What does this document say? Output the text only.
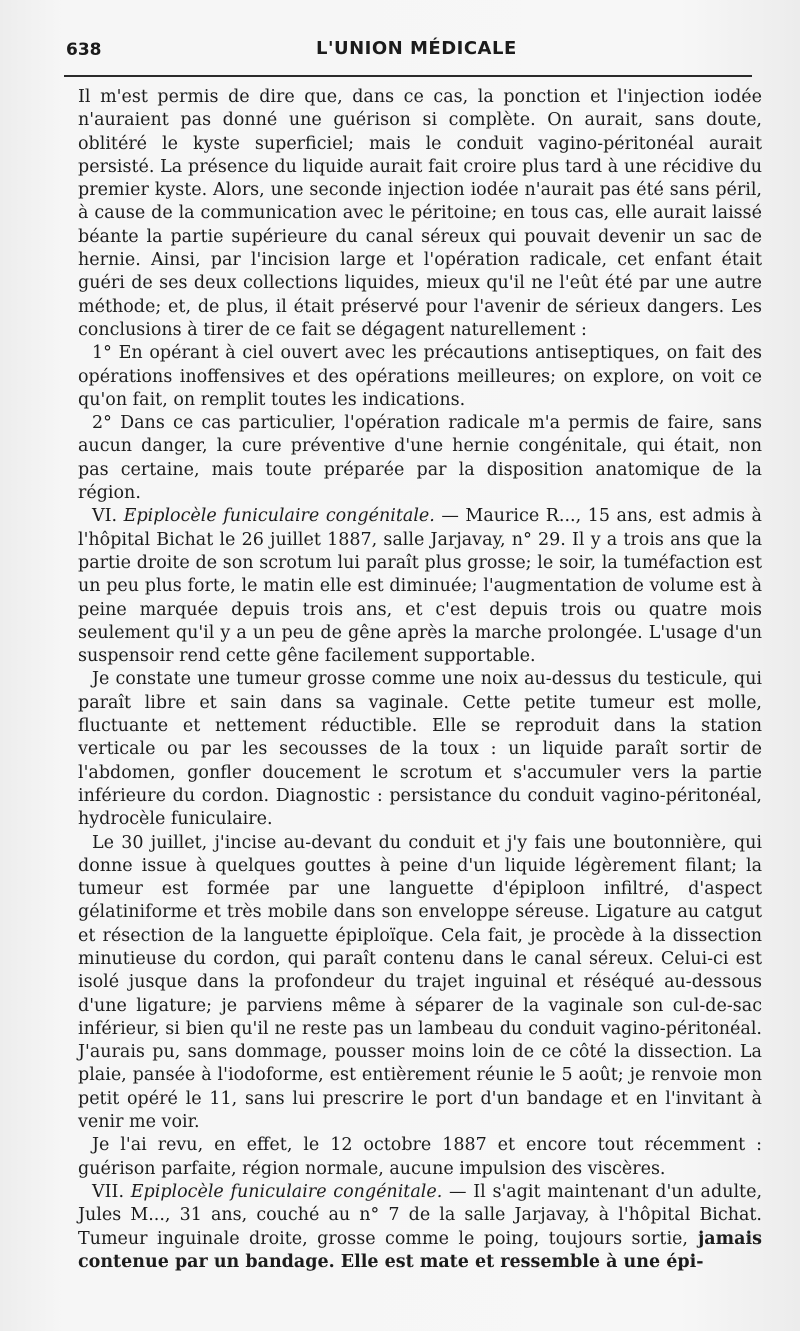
638	L'UNION MÉDICALE

Il m'est permis de dire que, dans ce cas, la ponction et l'injection iodée n'auraient pas donné une guérison si complète. On aurait, sans doute, oblitéré le kyste superficiel; mais le conduit vagino-péritonéal aurait persisté. La présence du liquide aurait fait croire plus tard à une récidive du premier kyste. Alors, une seconde injection iodée n'aurait pas été sans péril, à cause de la communication avec le péritoine; en tous cas, elle aurait laissé béante la partie supérieure du canal séreux qui pouvait devenir un sac de hernie. Ainsi, par l'incision large et l'opération radicale, cet enfant était guéri de ses deux collections liquides, mieux qu'il ne l'eût été par une autre méthode; et, de plus, il était préservé pour l'avenir de sérieux dangers. Les conclusions à tirer de ce fait se dégagent naturellement :

1° En opérant à ciel ouvert avec les précautions antiseptiques, on fait des opérations inoffensives et des opérations meilleures; on explore, on voit ce qu'on fait, on remplit toutes les indications.

2° Dans ce cas particulier, l'opération radicale m'a permis de faire, sans aucun danger, la cure préventive d'une hernie congénitale, qui était, non pas certaine, mais toute préparée par la disposition anatomique de la région.

VI. Epiplocèle funiculaire congénitale. — Maurice R..., 15 ans, est admis à l'hôpital Bichat le 26 juillet 1887, salle Jarjavay, n° 29. Il y a trois ans que la partie droite de son scrotum lui paraît plus grosse; le soir, la tuméfaction est un peu plus forte, le matin elle est diminuée; l'augmentation de volume est à peine marquée depuis trois ans, et c'est depuis trois ou quatre mois seulement qu'il y a un peu de gêne après la marche prolongée. L'usage d'un suspensoir rend cette gêne facilement supportable.

Je constate une tumeur grosse comme une noix au-dessus du testicule, qui paraît libre et sain dans sa vaginale. Cette petite tumeur est molle, fluctuante et nettement réductible. Elle se reproduit dans la station verticale ou par les secousses de la toux : un liquide paraît sortir de l'abdomen, gonfler doucement le scrotum et s'accumuler vers la partie inférieure du cordon. Diagnostic : persistance du conduit vagino-péritonéal, hydrocèle funiculaire.

Le 30 juillet, j'incise au-devant du conduit et j'y fais une boutonnière, qui donne issue à quelques gouttes à peine d'un liquide légèrement filant; la tumeur est formée par une languette d'épiploon infiltré, d'aspect gélatiniforme et très mobile dans son enveloppe séreuse. Ligature au catgut et résection de la languette épiploïque. Cela fait, je procède à la dissection minutieuse du cordon, qui paraît contenu dans le canal séreux. Celui-ci est isolé jusque dans la profondeur du trajet inguinal et réséqué au-dessous d'une ligature; je parviens même à séparer de la vaginale son cul-de-sac inférieur, si bien qu'il ne reste pas un lambeau du conduit vagino-péritonéal. J'aurais pu, sans dommage, pousser moins loin de ce côté la dissection. La plaie, pansée à l'iodoforme, est entièrement réunie le 5 août; je renvoie mon petit opéré le 11, sans lui prescrire le port d'un bandage et en l'invitant à venir me voir.

Je l'ai revu, en effet, le 12 octobre 1887 et encore tout récemment : guérison parfaite, région normale, aucune impulsion des viscères.

VII. Epiplocèle funiculaire congénitale. — Il s'agit maintenant d'un adulte, Jules M..., 31 ans, couché au n° 7 de la salle Jarjavay, à l'hôpital Bichat. Tumeur inguinale droite, grosse comme le poing, toujours sortie, jamais contenue par un bandage. Elle est mate et ressemble à une épi-
